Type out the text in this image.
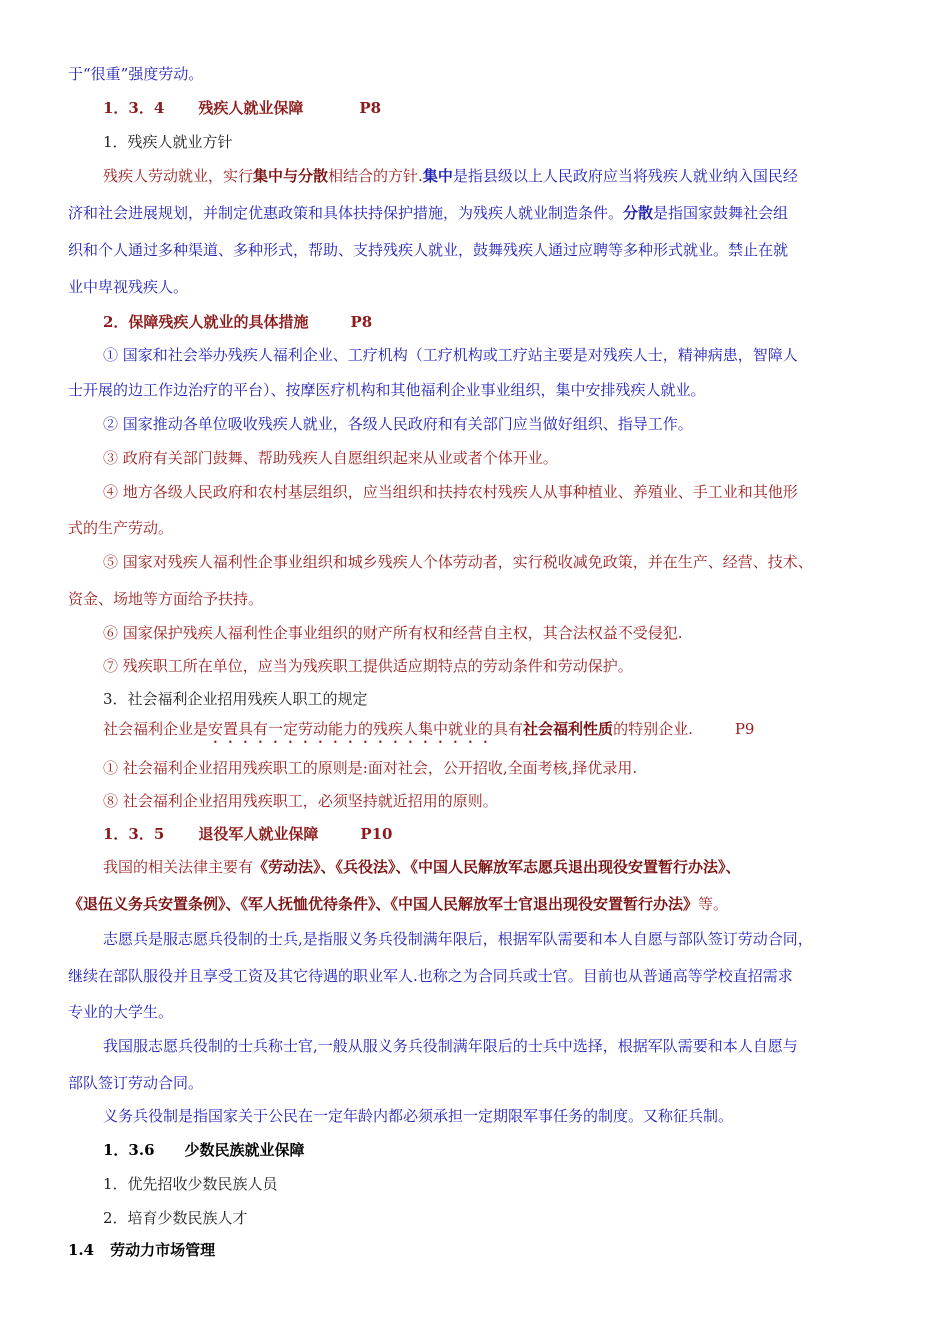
于“很重”强度劳动。
1．3．4 残疾人就业保障	P8
1．残疾人就业方针
残疾人劳动就业，实行集中与分散相结合的方针.集中是指县级以上人民政府应当将残疾人就业纳入国民经
济和社会进展规划，并制定优惠政策和具体扶持保护措施，为残疾人就业制造条件。分散是指国家鼓舞社会组
织和个人通过多种渠道、多种形式，帮助、支持残疾人就业，鼓舞残疾人通过应聘等多种形式就业。禁止在就
业中卑视残疾人。
2．保障残疾人就业的具体措施	P8
① 国家和社会举办残疾人福利企业、工疗机构（工疗机构或工疗站主要是对残疾人士，精神病患，智障人
士开展的边工作边治疗的平台）、按摩医疗机构和其他福利企业事业组织，集中安排残疾人就业。
② 国家推动各单位吸收残疾人就业，各级人民政府和有关部门应当做好组织、指导工作。
③ 政府有关部门鼓舞、帮助残疾人自愿组织起来从业或者个体开业。
④ 地方各级人民政府和农村基层组织，应当组织和扶持农村残疾人从事种植业、养殖业、手工业和其他形
式的生产劳动。
⑤ 国家对残疾人福利性企事业组织和城乡残疾人个体劳动者，实行税收减免政策，并在生产、经营、技术、
资金、场地等方面给予扶持。
⑥ 国家保护残疾人福利性企事业组织的财产所有权和经营自主权，其合法权益不受侵犯.
⑦ 残疾职工所在单位，应当为残疾职工提供适应期特点的劳动条件和劳动保护。
3．社会福利企业招用残疾人职工的规定
社会福利企业是安置具有一定劳动能力的残疾人集中就业的具有社会福利性质的特别企业.	P9
① 社会福利企业招用残疾职工的原则是:面对社会，公开招收,全面考核,择优录用.
⑧ 社会福利企业招用残疾职工，必须坚持就近招用的原则。
1．3．5 退役军人就业保障	P10
我国的相关法律主要有《劳动法》、《兵役法》、《中国人民解放军志愿兵退出现役安置暂行办法》、
《退伍义务兵安置条例》、《军人抚恤优待条件》、《中国人民解放军士官退出现役安置暂行办法》等。
志愿兵是服志愿兵役制的士兵,是指服义务兵役制满年限后，根据军队需要和本人自愿与部队签订劳动合同，
继续在部队服役并且享受工资及其它待遇的职业军人.也称之为合同兵或士官。目前也从普通高等学校直招需求
专业的大学生。
我国服志愿兵役制的士兵称士官,一般从服义务兵役制满年限后的士兵中选择，根据军队需要和本人自愿与
部队签订劳动合同。
义务兵役制是指国家关于公民在一定年龄内都必须承担一定期限军事任务的制度。又称征兵制。
1．3.6 少数民族就业保障
1．优先招收少数民族人员
2．培育少数民族人才
1.4 劳动力市场管理
